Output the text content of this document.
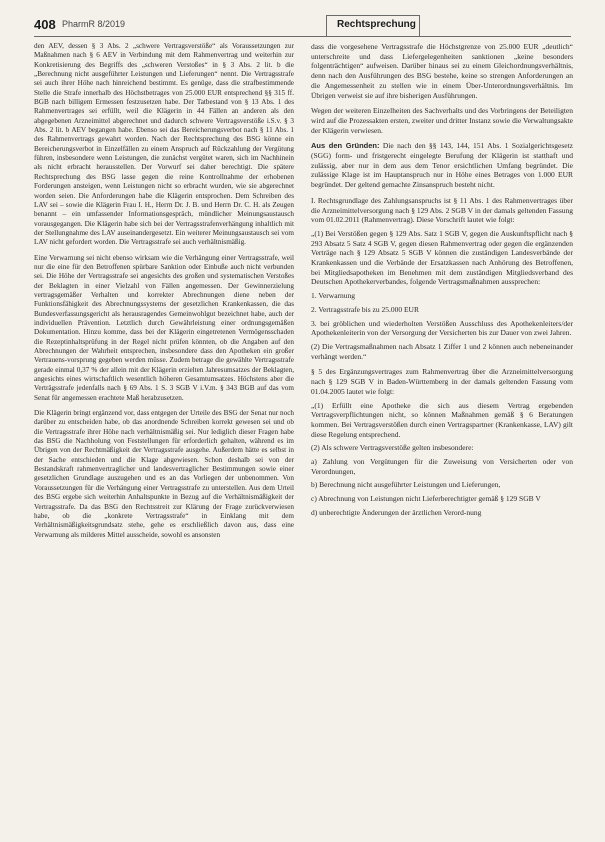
408 PharmR 8/2019	Rechtsprechung

den AEV, dessen § 3 Abs. 2 „schwere Vertragsverstöße“ als Voraussetzungen zur Maßnahmen nach § 6 AEV in Verbindung mit dem Rahmenvertrag und weiterhin zur Konkretisierung des Begriffs des „schweren Verstoßes“ in § 3 Abs. 2 lit. b die „Berechnung nicht ausgeführter Leistungen und Lieferungen“ nennt. Die Vertragsstrafe sei auch ihrer Höhe nach hinreichend bestimmt. Es genüge, dass die strafbestimmende Stelle die Strafe innerhalb des Höchstbetrages von 25.000 EUR entsprechend §§ 315 ff. BGB nach billigem Ermessen festzusetzen habe. Der Tatbestand von § 13 Abs. 1 des Rahmenvertrages sei erfüllt, weil die Klägerin in 44 Fällen an anderen als den abgegebenen Arzneimittel abgerechnet und dadurch schwere Vertragsverstöße i.S.v. § 3 Abs. 2 lit. b AEV begangen habe. Ebenso sei das Bereicherungsverbot nach § 11 Abs. 1 des Rahmenvertrags gewahrt worden. Nach der Rechtsprechung des BSG könne ein Bereicherungsverbot in Einzelfällen zu einem Anspruch auf Rückzahlung der Vergütung führen, insbesondere wenn Leistungen, die zunächst vergütet waren, sich im Nachhinein als nicht erbracht herausstellen. Der Vorwurf sei daher berechtigt. Die spätere Rechtsprechung des BSG lasse gegen die reine Kontrollnahme der erhobenen Forderungen ansteigen, wenn Leistungen nicht so erbracht wurden, wie sie abgerechnet worden seien. Die Anforderungen habe die Klägerin entsprochen. Dem Schreiben des LAV sei – sowie die Klägerin Frau I. H., Herrn Dr. J. B. und Herrn Dr. C. H. als Zeugen benannt – ein umfassender Informationsgespräch, mündlicher Meinungsaustausch vorausgegangen. Die Klägerin habe sich bei der Vertragsstrafenverhängung inhaltlich mit der Stellungnahme des LAV auseinandergesetzt. Ein weiterer Meinungsaustausch sei vom LAV nicht gefordert worden. Die Vertragsstrafe sei auch verhältnismäßig.

Eine Verwarnung sei nicht ebenso wirksam wie die Verhängung einer Vertragsstrafe, weil nur die eine für den Betroffenen spürbare Sanktion oder Einbuße auch nicht verbunden sei. Die Höhe der Vertragsstrafe sei angesichts des großen und systematischen Verstoßes der Beklagten in einer Vielzahl von Fällen angemessen. Der Gewinnerzielung vertragsgemäßer Verhalten und korrekter Abrechnungen diene neben der Funktionsfähigkeit des Abrechnungssystems der gesetzlichen Krankenkassen, die das Bundesverfassungsgericht als herausragendes Gemeinwohlgut bezeichnet habe, auch der individuellen Prävention. Letztlich durch Gewährleistung einer ordnungsgemäßen Dokumentation. Hinzu komme, dass bei der Klägerin eingetretenen Vermögensschaden die Rezeptinhaltsprüfung in der Regel nicht prüfen könnten, ob die Angaben auf den Abrechnungen der Wahrheit entsprechen, insbesondere dass den Apotheken ein großer Vertrauens-vorsprung gegeben werden müsse. Zudem betrage die gewählte Vertragsstrafe gerade einmal 0,37 % der allein mit der Klägerin erzielten Jahresumsatzes der Beklagten, angesichts eines wirtschaftlich wesentlich höheren Gesamtumsatzes. Höchstens aber die Verträgsstrafe jedenfalls nach § 69 Abs. 1 S. 3 SGB V i.V.m. § 343 BGB auf das vom Senat für angemessen erachtete Maß herabzusetzen.

Die Klägerin bringt ergänzend vor, dass entgegen der Urteile des BSG der Senat nur noch darüber zu entscheiden habe, ob das anordnende Schreiben korrekt gewesen sei und ob die Vertragsstrafe ihrer Höhe nach verhältnismäßig sei. Nur lediglich dieser Fragen habe das BSG die Nachholung von Feststellungen für erforderlich gehalten, während es im Übrigen von der Rechtmäßigkeit der Vertragsstrafe ausgehe. Außerdem hätte es selbst in der Sache entschieden und die Klage abgewiesen. Schon deshalb sei von der Bestandskraft rahmenvertraglicher und landesvertraglicher Bestimmungen sowie einer gesetzlichen Grundlage auszugehen und es an das Vorliegen der unbenommen. Von Voraussetzungen für die Verhängung einer Vertragsstrafe zu unterstellen. Aus dem Urteil des BSG ergebe sich weiterhin Anhaltspunkte in Bezug auf die Verhältnismäßigkeit der Vertragsstrafe. Da das BSG den Rechtsstreit zur Klärung der Frage zurückverwiesen habe, ob die „konkrete Vertragsstrafe“ in Einklang mit dem Verhältnismäßigkeitsgrundsatz stehe, gehe es erschließlich davon aus, dass eine Verwarnung als milderes Mittel ausscheide, sowohl es ansonsten

dass die vorgesehene Vertragsstrafe die Höchstgrenze von 25.000 EUR „deutlich“ unterschreite und dass Liefergelegenheiten sanktionen „keine besonders folgenträchtigen“ aufweisen. Darüber hinaus sei zu einem Gleichordnungsverhältnis, denn nach den Ausführungen des BSG bestehe, keine so strengen Anforderungen an die Angemessenheit zu stellen wie in einem Über-Unterordnungsverhältnis. Im Übrigen verweist sie auf ihre bisherigen Ausführungen.

Wegen der weiteren Einzelheiten des Sachverhalts und des Vorbringens der Beteiligten wird auf die Prozessakten ersten, zweiter und dritter Instanz sowie die Verwaltungsakte der Klägerin verwiesen.

Aus den Gründen: Die nach den §§ 143, 144, 151 Abs. 1 Sozialgerichtsgesetz (SGG) form- und fristgerecht eingelegte Berufung der Klägerin ist statthaft und zulässig, aber nur in dem aus dem Tenor ersichtlichen Umfang begründet. Die zulässige Klage ist im Hauptanspruch nur in Höhe eines Betrages von 1.000 EUR begründet. Der geltend gemachte Zinsanspruch besteht nicht.

I. Rechtsgrundlage des Zahlungsanspruchs ist § 11 Abs. 1 des Rahmenvertrages über die Arzneimittelversorgung nach § 129 Abs. 2 SGB V in der damals geltenden Fassung vom 01.02.2011 (Rahmenvertrag). Diese Vorschrift lautet wie folgt:

„(1) Bei Verstößen gegen § 129 Abs. Satz 1 SGB V, gegen die Auskunftspflicht nach § 293 Absatz 5 Satz 4 SGB V, gegen diesen Rahmenvertrag oder gegen die ergänzenden Verträge nach § 129 Absatz 5 SGB V können die zuständigen Landesverbände der Krankenkassen und die Verbände der Ersatzkassen nach Anhörung des Betroffenen, bei Mitgliedsapotheken im Benehmen mit dem zuständigen Mitgliedsverband des Deutschen Apothekerverbandes, folgende Vertragsmaßnahmen aussprechen:

1. Verwarnung

2. Vertragsstrafe bis zu 25.000 EUR

3. bei gröblichen und wiederholten Verstößen Ausschluss des Apothekenleiters/der Apothekenleiterin von der Versorgung der Versicherten bis zur Dauer von zwei Jahren.

(2) Die Vertragsmaßnahmen nach Absatz 1 Ziffer 1 und 2 können auch nebeneinander verhängt werden.“

§ 5 des Ergänzungsvertrages zum Rahmenvertrag über die Arzneimittelversorgung nach § 129 SGB V in Baden-Württemberg in der damals geltenden Fassung vom 01.04.2005 lautet wie folgt:

„(1) Erfüllt eine Apotheke die sich aus diesem Vertrag ergebenden Vertragsverpflichtungen nicht, so können Maßnahmen gemäß § 6 Beratungen kommen. Bei Vertragsverstößen durch einen Vertragspartner (Krankenkasse, LAV) gilt diese Regelung entsprechend.

(2) Als schwere Vertragsverstöße gelten insbesondere:

a) Zahlung von Vergütungen für die Zuweisung von Versicherten oder von Verordnungen,

b) Berechnung nicht ausgeführter Leistungen und Lieferungen,

c) Abrechnung von Leistungen nicht Lieferberechtigter gemäß § 129 SGB V

d) unberechtigte Änderungen der ärztlichen Verord-nung
